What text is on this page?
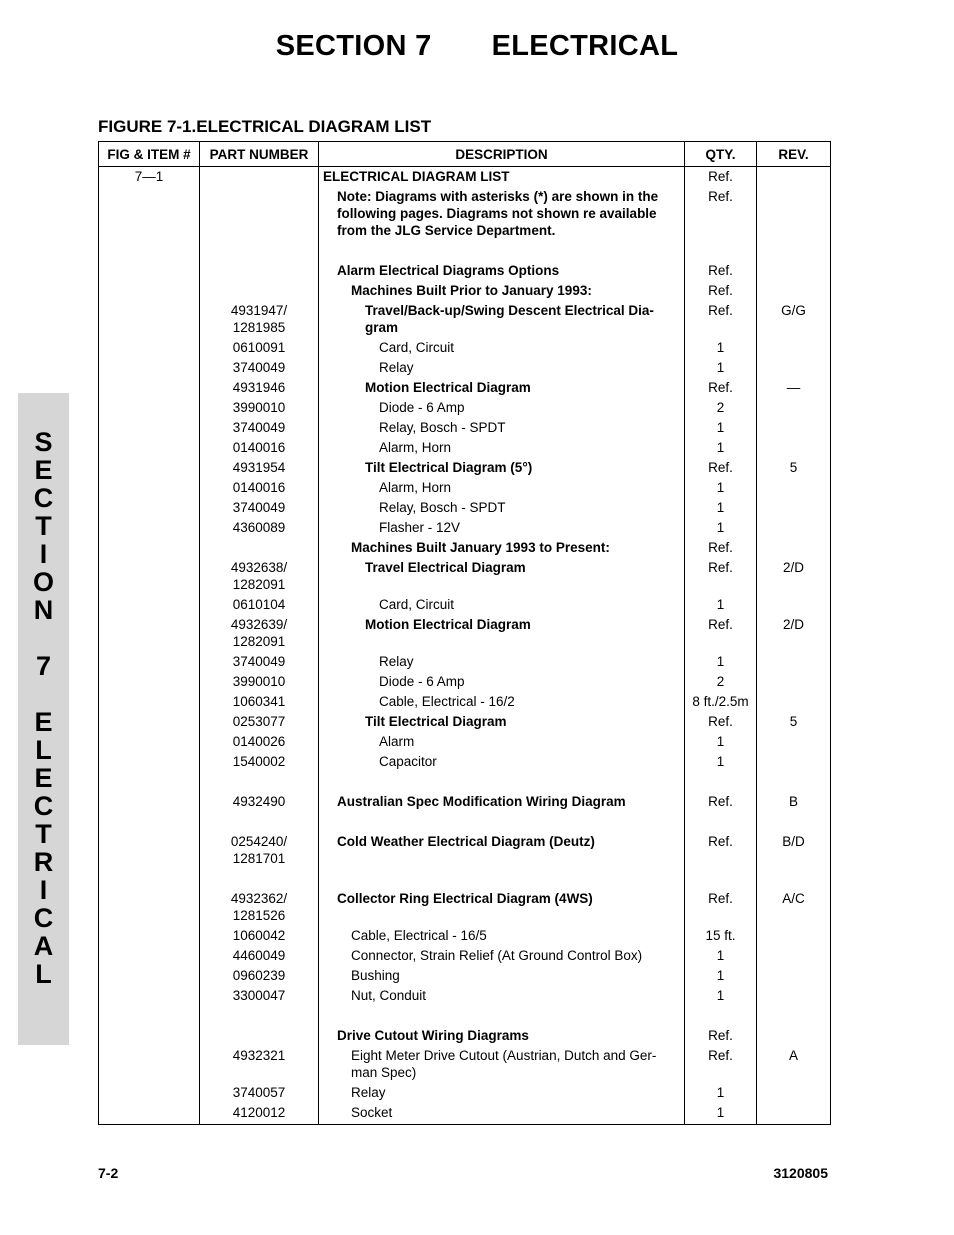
SECTION 7 ELECTRICAL
FIGURE 7-1.ELECTRICAL DIAGRAM LIST
S
E
C
T
I
O
N
7
E
L
E
C
T
R
I
C
A
L
FIG & ITEM #	PART NUMBER	DESCRIPTION	QTY.	REV.
7—1		ELECTRICAL DIAGRAM LIST	Ref.	
		Note: Diagrams with asterisks (*) are shown in the following pages. Diagrams not shown re available from the JLG Service Department.	Ref.	
		Alarm Electrical Diagrams Options	Ref.	
		Machines Built Prior to January 1993:	Ref.	
	4931947/ 1281985	Travel/Back-up/Swing Descent Electrical Dia-gram	Ref.	G/G
	0610091	Card, Circuit	1	
	3740049	Relay	1	
	4931946	Motion Electrical Diagram	Ref.	—
	3990010	Diode - 6 Amp	2	
	3740049	Relay, Bosch - SPDT	1	
	0140016	Alarm, Horn	1	
	4931954	Tilt Electrical Diagram (5°)	Ref.	5
	0140016	Alarm, Horn	1	
	3740049	Relay, Bosch - SPDT	1	
	4360089	Flasher - 12V	1	
		Machines Built January 1993 to Present:	Ref.	
	4932638/ 1282091	Travel Electrical Diagram	Ref.	2/D
	0610104	Card, Circuit	1	
	4932639/ 1282091	Motion Electrical Diagram	Ref.	2/D
	3740049	Relay	1	
	3990010	Diode - 6 Amp	2	
	1060341	Cable, Electrical - 16/2	8 ft./2.5m	
	0253077	Tilt Electrical Diagram	Ref.	5
	0140026	Alarm	1	
	1540002	Capacitor	1	
	4932490	Australian Spec Modification Wiring Diagram	Ref.	B
	0254240/ 1281701	Cold Weather Electrical Diagram (Deutz)	Ref.	B/D
	4932362/ 1281526	Collector Ring Electrical Diagram (4WS)	Ref.	A/C
	1060042	Cable, Electrical - 16/5	15 ft.	
	4460049	Connector, Strain Relief (At Ground Control Box)	1	
	0960239	Bushing	1	
	3300047	Nut, Conduit	1	
		Drive Cutout Wiring Diagrams	Ref.	
	4932321	Eight Meter Drive Cutout (Austrian, Dutch and Ger-man Spec)	Ref.	A
	3740057	Relay	1	
	4120012	Socket	1	
7-2	3120805
